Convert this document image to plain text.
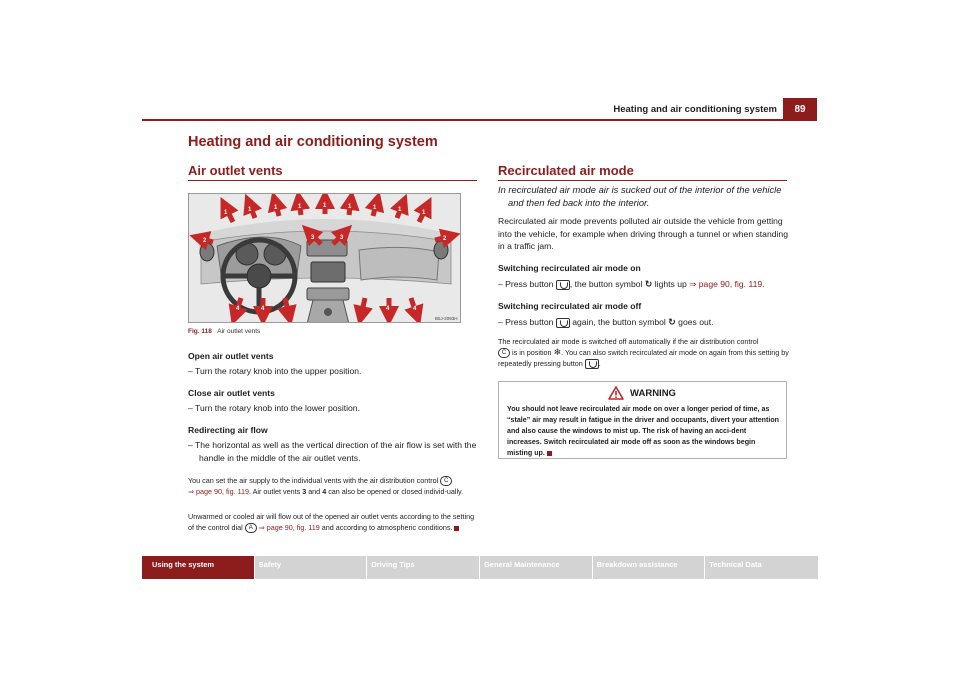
Heating and air conditioning system	89
Heating and air conditioning system
Air outlet vents
1	1	1	1	1	1	1	1	1
2	2
3	3
4	4	4	4
B5J-2093H
Fig. 118 Air outlet vents
Open air outlet vents
– Turn the rotary knob into the upper position.
Close air outlet vents
– Turn the rotary knob into the lower position.
Redirecting air flow
– The horizontal as well as the vertical direction of the air flow is set with the handle in the middle of the air outlet vents.
You can set the air supply to the individual vents with the air distribution control C
⇒ page 90, fig. 119. Air outlet vents 3 and 4 can also be opened or closed individ-ually.
Unwarmed or cooled air will flow out of the opened air outlet vents according to the setting of the control dial A ⇒ page 90, fig. 119 and according to atmospheric conditions.
Recirculated air mode
In recirculated air mode air is sucked out of the interior of the vehicle and then fed back into the interior.
Recirculated air mode prevents polluted air outside the vehicle from getting into the vehicle, for example when driving through a tunnel or when standing in a traffic jam.
Switching recirculated air mode on
– Press button , the button symbol ↻ lights up ⇒ page 90, fig. 119.
Switching recirculated air mode off
– Press button again, the button symbol ↻ goes out.
The recirculated air mode is switched off automatically if the air distribution control
C is in position ❄. You can also switch recirculated air mode on again from this setting by repeatedly pressing button .
WARNING
You should not leave recirculated air mode on over a longer period of time, as “stale” air may result in fatigue in the driver and occupants, divert your attention and also cause the windows to mist up. The risk of having an acci-dent increases. Switch recirculated air mode off as soon as the windows begin misting up.
Using the system	Safety	Driving Tips	General Maintenance	Breakdown assistance	Technical Data
